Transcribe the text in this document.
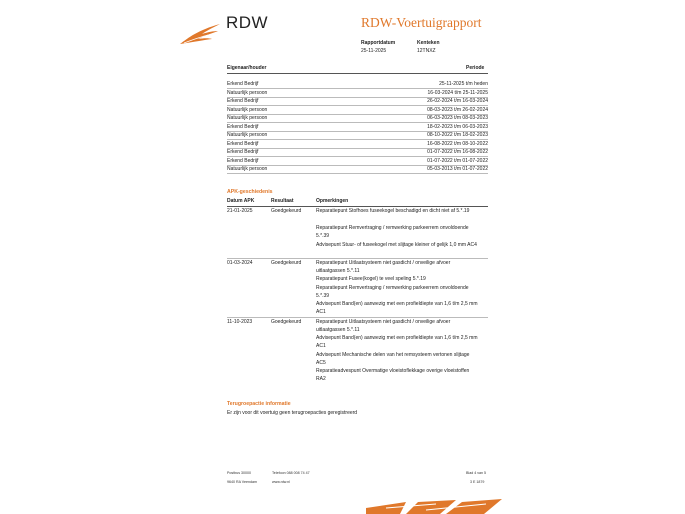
RDW	RDW-Voertuigrapport
Rapportdatum
25-11-2025
Kenteken
12TNXZ
Eigenaar/houder	Periode
Erkend Bedrijf	25-11-2025 t/m heden
Natuurlijk persoon	16-03-2024 t/m 25-11-2025
Erkend Bedrijf	26-02-2024 t/m 16-03-2024
Natuurlijk persoon	08-03-2023 t/m 26-02-2024
Natuurlijk persoon	06-03-2023 t/m 08-03-2023
Erkend Bedrijf	18-02-2023 t/m 06-03-2023
Natuurlijk persoon	08-10-2022 t/m 18-02-2023
Erkend Bedrijf	16-08-2022 t/m 08-10-2022
Erkend Bedrijf	01-07-2022 t/m 16-08-2022
Erkend Bedrijf	01-07-2022 t/m 01-07-2022
Natuurlijk persoon	05-03-2013 t/m 01-07-2022
APK-geschiedenis
Datum APK	Resultaat	Opmerkingen
21-01-2025	Goedgekeurd	Reparatiepunt Stofhoes fuseekogel beschadigd en dicht niet af 5.*.19
Reparatiepunt Remvertraging / remwerking parkeerrem onvoldoende 5.*.39
Advisepunt Stuur- of fuseekogel met slijtage kleiner of gelijk 1,0 mm AC4
01-03-2024	Goedgekeurd	Reparatiepunt Uitlaatsysteem niet gasdicht / onveilige afvoer uitlaatgassen 5.*.11
Reparatiepunt Fusee(kogel) te veel speling 5.*.19
Reparatiepunt Remvertraging / remwerking parkeerrem onvoldoende 5.*.39
Advisepunt Band(en) aanwezig met een profieldiepte van 1,6 t/m 2,5 mm AC1
11-10-2023	Goedgekeurd	Reparatiepunt Uitlaatsysteem niet gasdicht / onveilige afvoer uitlaatgassen 5.*.11
Advisepunt Band(en) aanwezig met een profieldiepte van 1,6 t/m 2,5 mm AC1
Advisepunt Mechanische delen van het remsysteem vertonen slijtage AC5
Reparatieadvespunt Overmatige vloeistoflekkage overige vloeistoffen RA2
Terugroepactie informatie
Er zijn voor dit voertuig geen terugroepacties geregistreerd
Postbus 30000
9640 RA Veendam
Telefoon 088 008 74 47
www.rdw.nl
Blad 4 van 5
3 E 1879
